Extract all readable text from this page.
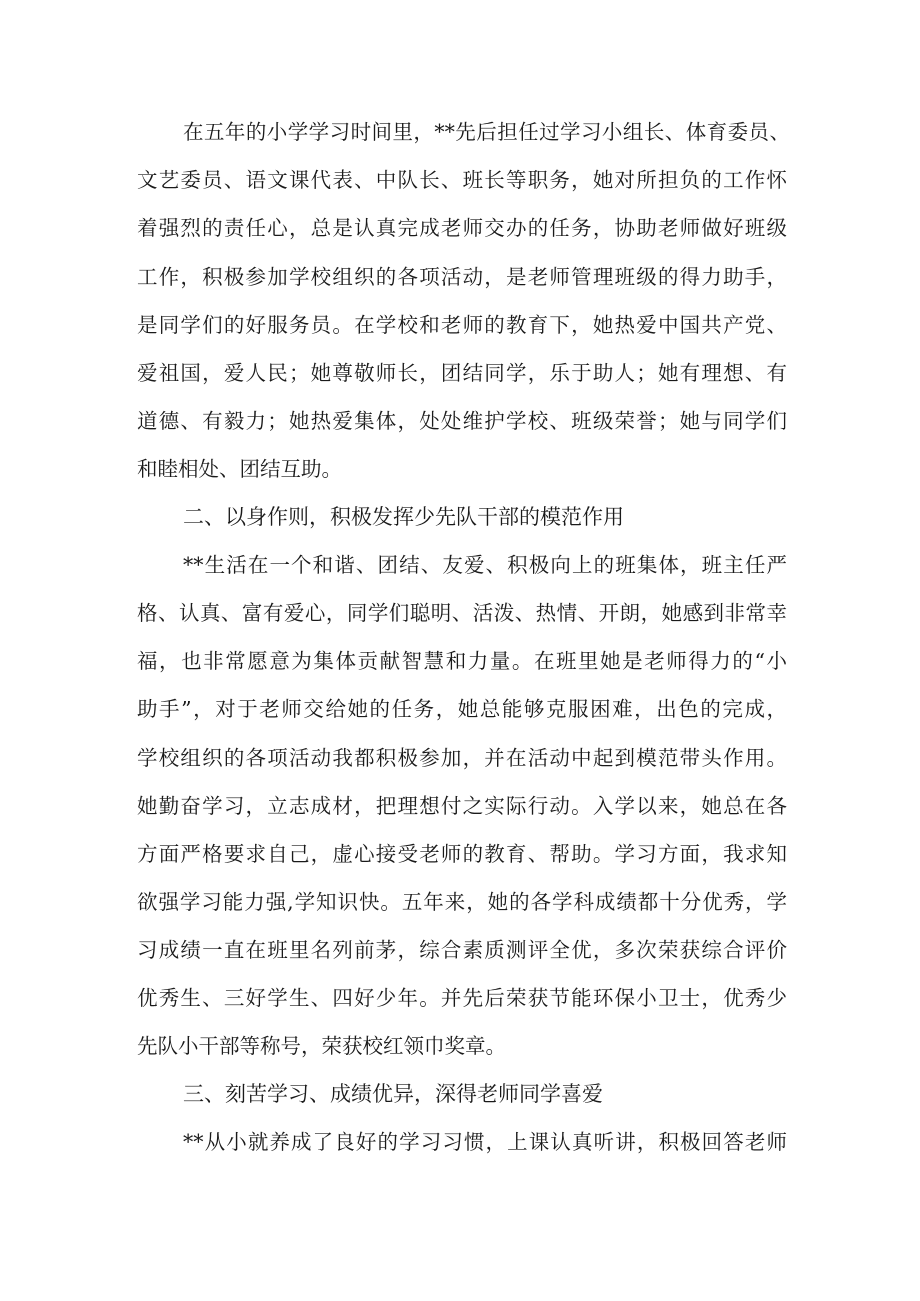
在五年的小学学习时间里，**先后担任过学习小组长、体育委员、
文艺委员、语文课代表、中队长、班长等职务，她对所担负的工作怀
着强烈的责任心，总是认真完成老师交办的任务，协助老师做好班级
工作，积极参加学校组织的各项活动，是老师管理班级的得力助手，
是同学们的好服务员。在学校和老师的教育下，她热爱中国共产党、
爱祖国，爱人民；她尊敬师长，团结同学，乐于助人；她有理想、有
道德、有毅力；她热爱集体，处处维护学校、班级荣誉；她与同学们
和睦相处、团结互助。
二、以身作则，积极发挥少先队干部的模范作用
**生活在一个和谐、团结、友爱、积极向上的班集体，班主任严
格、认真、富有爱心，同学们聪明、活泼、热情、开朗，她感到非常幸
福，也非常愿意为集体贡献智慧和力量。在班里她是老师得力的“小
助手”，对于老师交给她的任务，她总能够克服困难，出色的完成，
学校组织的各项活动我都积极参加，并在活动中起到模范带头作用。
她勤奋学习，立志成材，把理想付之实际行动。入学以来，她总在各
方面严格要求自己，虚心接受老师的教育、帮助。学习方面，我求知
欲强学习能力强,学知识快。五年来，她的各学科成绩都十分优秀，学
习成绩一直在班里名列前茅，综合素质测评全优，多次荣获综合评价
优秀生、三好学生、四好少年。并先后荣获节能环保小卫士，优秀少
先队小干部等称号，荣获校红领巾奖章。
三、刻苦学习、成绩优异，深得老师同学喜爱
**从小就养成了良好的学习习惯，上课认真听讲，积极回答老师
